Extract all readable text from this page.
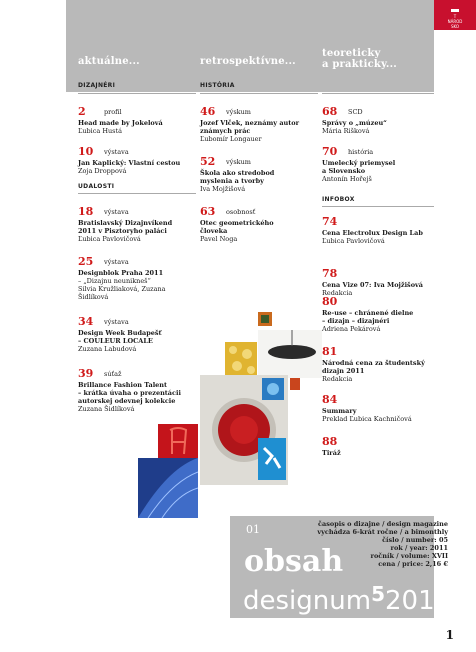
aktuálne...	retrospektívne...
teoreticky
a prakticky...
T
NÁROD
SKO
DIZAJNÉRI	HISTÓRIA
UDALOSTI
INFOBOX
2	profil
Head made by Jokelová
Ľubica Hustá
10 výstava
Jan Kaplický: Vlastní cestou
Zoja Droppová
18 výstava
Bratislavský Dizajnvíkend
2011 v Pisztoryho paláci
Ľubica Pavlovičová
25 výstava
Designblok Praha 2011
– „Dizajnu neunikneš“
Silvia Kružliaková, Zuzana
Šidlíková
34 výstava
Design Week Budapešť
– COULEUR LOCALE
Zuzana Labudová
39 súťaž
Brillance Fashion Talent
– krátka úvaha o prezentácii
autorskej odevnej kolekcie
Zuzana Šidlíková
46 výskum
Jozef Vlček, neznámy autor
známych prác
Ľubomír Longauer
52 výskum
Škola ako stredobod
myslenia a tvorby
Iva Mojžišová
63 osobnosť
Otec geometrického
človeka
Pavel Noga
68 SCD
Správy o „múzeu“
Mária Rišková
70 história
Umelecký priemysel
a Slovensko
Antonín Hořejš
74
Cena Electrolux Design Lab
Ľubica Pavlovičová
78
Cena Vize 07: Iva Mojžišová
Redakcia
80
Re-use – chránené dielne
– dizajn – dizajnéri
Adriena Pekárová
81
Národná cena za študentský
dizajn 2011
Redakcia
84
Summary
Preklad Ľubica Kachničová
88
Tiráž
časopis o dizajne / design magazine
vychádza 6-krát ročne / a bimonthly
číslo / number: 05
rok / year: 2011
ročník / volume: XVII
cena / price: 2,16 €
01
obsah
designum$^5$2011
1
